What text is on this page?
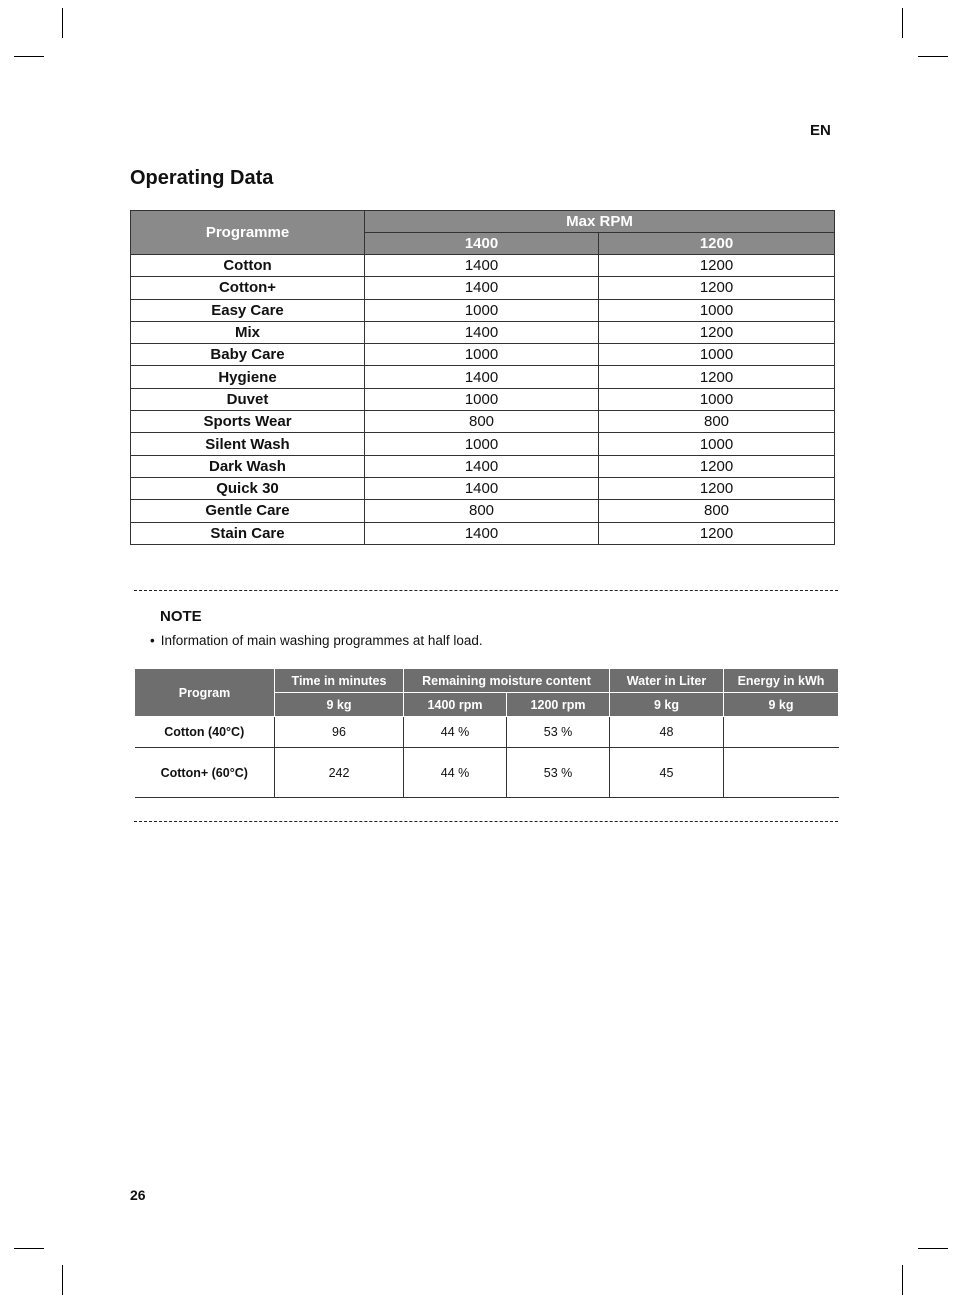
EN
Operating Data
Programme	Max RPM	
	1400	1200
Cotton	1400	1200
Cotton+	1400	1200
Easy Care	1000	1000
Mix	1400	1200
Baby Care	1000	1000
Hygiene	1400	1200
Duvet	1000	1000
Sports Wear	800	800
Silent Wash	1000	1000
Dark Wash	1400	1200
Quick 30	1400	1200
Gentle Care	800	800
Stain Care	1400	1200
NOTE
• Information of main washing programmes at half load.
Program	Time in minutes	Remaining moisture content		Water in Liter	Energy in kWh
	9 kg	1400 rpm	1200 rpm	9 kg	9 kg
Cotton (40°C)	96	44 %	53 %	48	
Cotton+ (60°C)	242	44 %	53 %	45	
26
